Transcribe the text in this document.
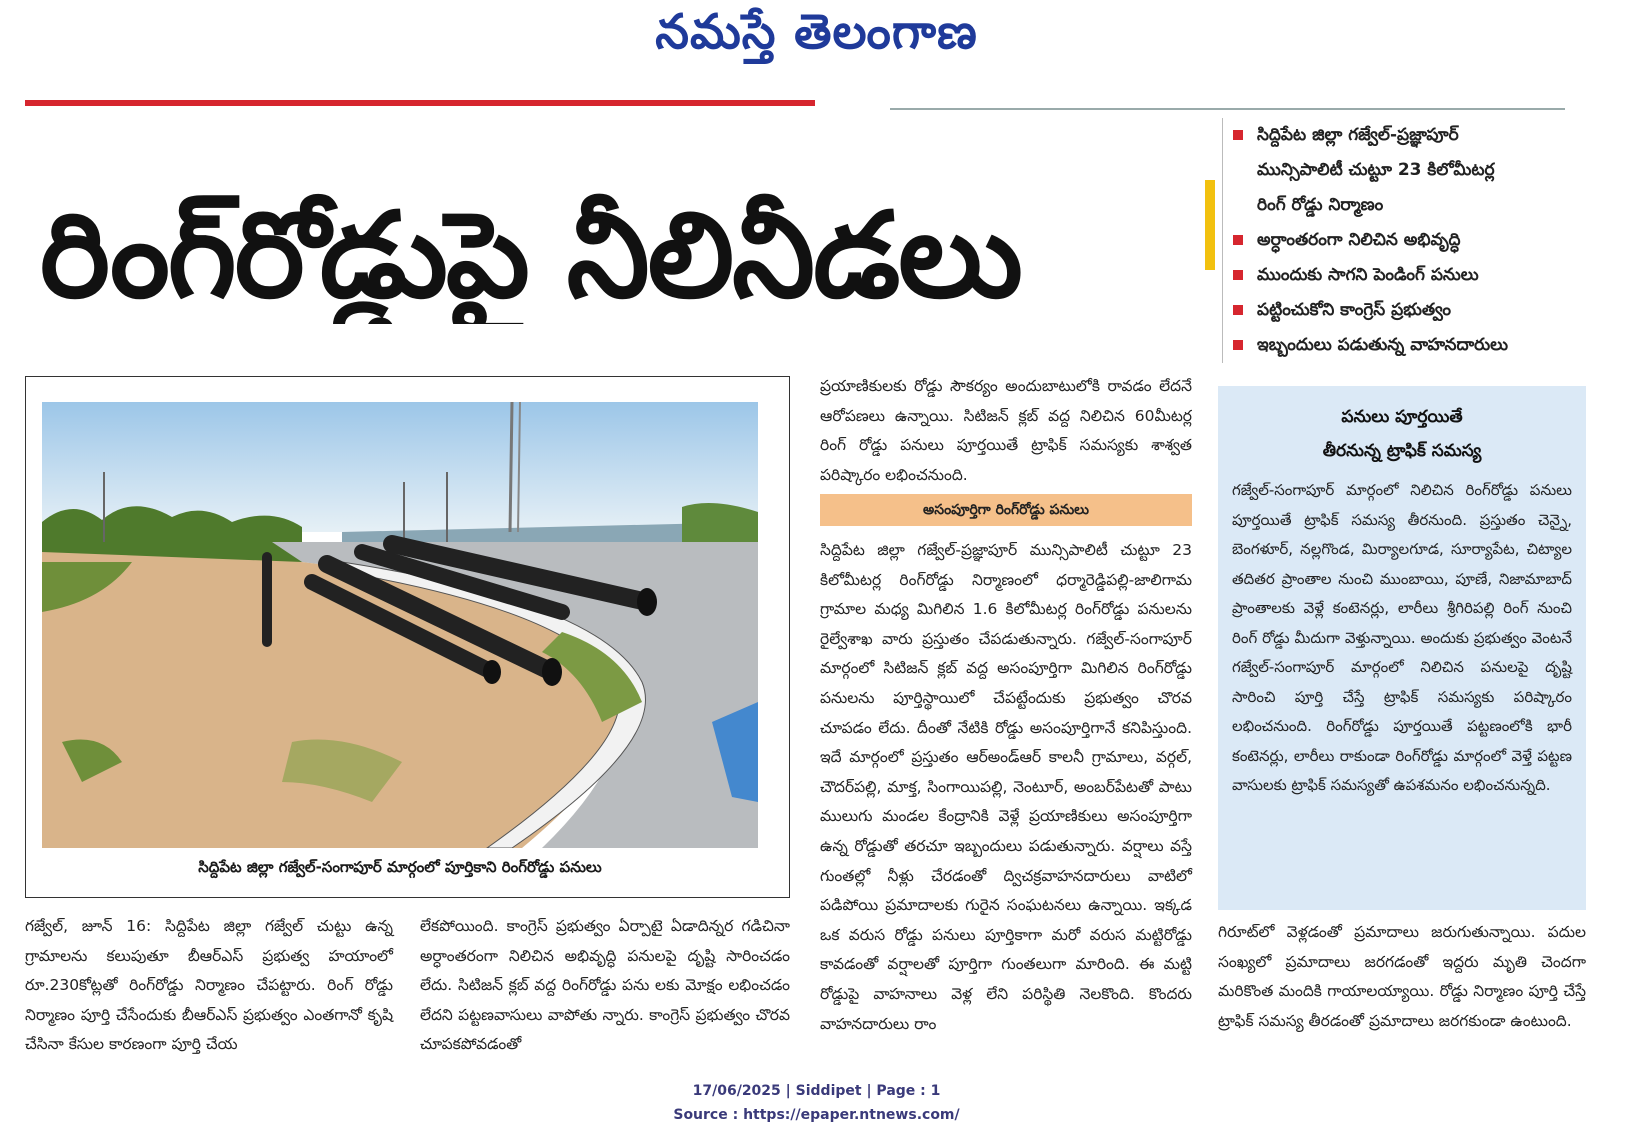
నమస్తే తెలంగాణ
రింగ్‌రోడ్డుపై నీలినీడలు
సిద్దిపేట జిల్లా గజ్వేల్-ప్రజ్ఞాపూర్
మున్సిపాలిటీ చుట్టూ 23 కిలోమీటర్ల
రింగ్ రోడ్డు నిర్మాణం
అర్ధాంతరంగా నిలిచిన అభివృద్ధి
ముందుకు సాగని పెండింగ్ పనులు
పట్టించుకోని కాంగ్రెస్ ప్రభుత్వం
ఇబ్బందులు పడుతున్న వాహనదారులు
సిద్దిపేట జిల్లా గజ్వేల్-సంగాపూర్ మార్గంలో పూర్తికాని రింగ్‌రోడ్డు పనులు

గజ్వేల్, జూన్ 16: సిద్దిపేట జిల్లా గజ్వేల్ చుట్టు ఉన్న గ్రామాలను కలుపుతూ బీఆర్ఎస్ ప్రభుత్వ హయాంలో రూ.230కోట్లతో రింగ్‌రోడ్డు నిర్మాణం చేపట్టారు. రింగ్ రోడ్డు నిర్మాణం పూర్తి చేసేందుకు బీఆర్ఎస్ ప్రభుత్వం ఎంతగానో కృషి చేసినా కేసుల కారణంగా పూర్తి చేయ

లేకపోయింది. కాంగ్రెస్ ప్రభుత్వం ఏర్పాటై ఏడాదిన్నర గడిచినా అర్ధాంతరంగా నిలిచిన అభివృద్ధి పనులపై దృష్టి సారించడం లేదు. సిటిజన్ క్లబ్ వద్ద రింగ్‌రోడ్డు పను లకు మోక్షం లభించడం లేదని పట్టణవాసులు వాపోతు న్నారు. కాంగ్రెస్ ప్రభుత్వం చొరవ చూపకపోవడంతో

ప్రయాణికులకు రోడ్డు సౌకర్యం అందుబాటులోకి రావడం లేదనే ఆరోపణలు ఉన్నాయి. సిటిజన్ క్లబ్ వద్ద నిలిచిన 60మీటర్ల రింగ్ రోడ్డు పనులు పూర్తయితే ట్రాఫిక్ సమస్యకు శాశ్వత పరిష్కారం లభించనుంది.

అసంపూర్తిగా రింగ్‌రోడ్డు పనులు

సిద్దిపేట జిల్లా గజ్వేల్-ప్రజ్ఞాపూర్ మున్సిపాలిటీ చుట్టూ 23 కిలోమీటర్ల రింగ్‌రోడ్డు నిర్మాణంలో ధర్మారెడ్డిపల్లి-జాలిగామ గ్రామాల మధ్య మిగిలిన 1.6 కిలోమీటర్ల రింగ్‌రోడ్డు పనులను రైల్వేశాఖ వారు ప్రస్తుతం చేపడుతున్నారు. గజ్వేల్-సంగాపూర్ మార్గంలో సిటిజన్ క్లబ్ వద్ద అసంపూర్తిగా మిగిలిన రింగ్‌రోడ్డు పనులను పూర్తిస్థాయిలో చేపట్టేందుకు ప్రభుత్వం చొరవ చూపడం లేదు. దీంతో నేటికి రోడ్డు అసంపూర్తిగానే కనిపిస్తుంది. ఇదే మార్గంలో ప్రస్తుతం ఆర్అండ్ఆర్ కాలనీ గ్రామాలు, వర్గల్, చౌదర్‌పల్లి, మాక్త, సింగాయిపల్లి, నెంటూర్, అంబర్‌పేటతో పాటు ములుగు మండల కేంద్రానికి వెళ్లే ప్రయాణికులు అసంపూర్తిగా ఉన్న రోడ్డుతో తరచూ ఇబ్బందులు పడుతున్నారు. వర్షాలు వస్తే గుంతల్లో నీళ్లు చేరడంతో ద్విచక్రవాహనదారులు వాటిలో పడిపోయి ప్రమాదాలకు గురైన సంఘటనలు ఉన్నాయి. ఇక్కడ ఒక వరుస రోడ్డు పనులు పూర్తికాగా మరో వరుస మట్టిరోడ్డు కావడంతో వర్షాలతో పూర్తిగా గుంతలుగా మారింది. ఈ మట్టి రోడ్డుపై వాహనాలు వెళ్ల లేని పరిస్థితి నెలకొంది. కొందరు వాహనదారులు రాం

పనులు పూర్తయితే
తీరనున్న ట్రాఫిక్ సమస్య

గజ్వేల్-సంగాపూర్ మార్గంలో నిలిచిన రింగ్‌రోడ్డు పనులు పూర్తయితే ట్రాఫిక్ సమస్య తీరనుంది. ప్రస్తుతం చెన్నై, బెంగళూర్, నల్లగొండ, మిర్యాలగూడ, సూర్యాపేట, చిట్యాల తదితర ప్రాంతాల నుంచి ముంబాయి, పూణే, నిజామాబాద్ ప్రాంతాలకు వెళ్లే కంటెనర్లు, లారీలు శ్రీగిరిపల్లి రింగ్ నుంచి రింగ్ రోడ్డు మీదుగా వెళ్తున్నాయి. అందుకు ప్రభుత్వం వెంటనే గజ్వేల్-సంగాపూర్ మార్గంలో నిలిచిన పనులపై దృష్టి సారించి పూర్తి చేస్తే ట్రాఫిక్ సమస్యకు పరిష్కారం లభించనుంది. రింగ్‌రోడ్డు పూర్తయితే పట్టణంలోకి భారీ కంటెనర్లు, లారీలు రాకుండా రింగ్‌రోడ్డు మార్గంలో వెళ్తే పట్టణ వాసులకు ట్రాఫిక్ సమస్యతో ఉపశమనం లభించనున్నది.

గిరూట్‌లో వెళ్లడంతో ప్రమాదాలు జరుగుతున్నాయి. పదుల సంఖ్యలో ప్రమాదాలు జరగడంతో ఇద్దరు మృతి చెందగా మరికొంత మందికి గాయాలయ్యాయి. రోడ్డు నిర్మాణం పూర్తి చేస్తే ట్రాఫిక్ సమస్య తీరడంతో ప్రమాదాలు జరగకుండా ఉంటుంది.

17/06/2025 | Siddipet | Page : 1
Source : https://epaper.ntnews.com/
